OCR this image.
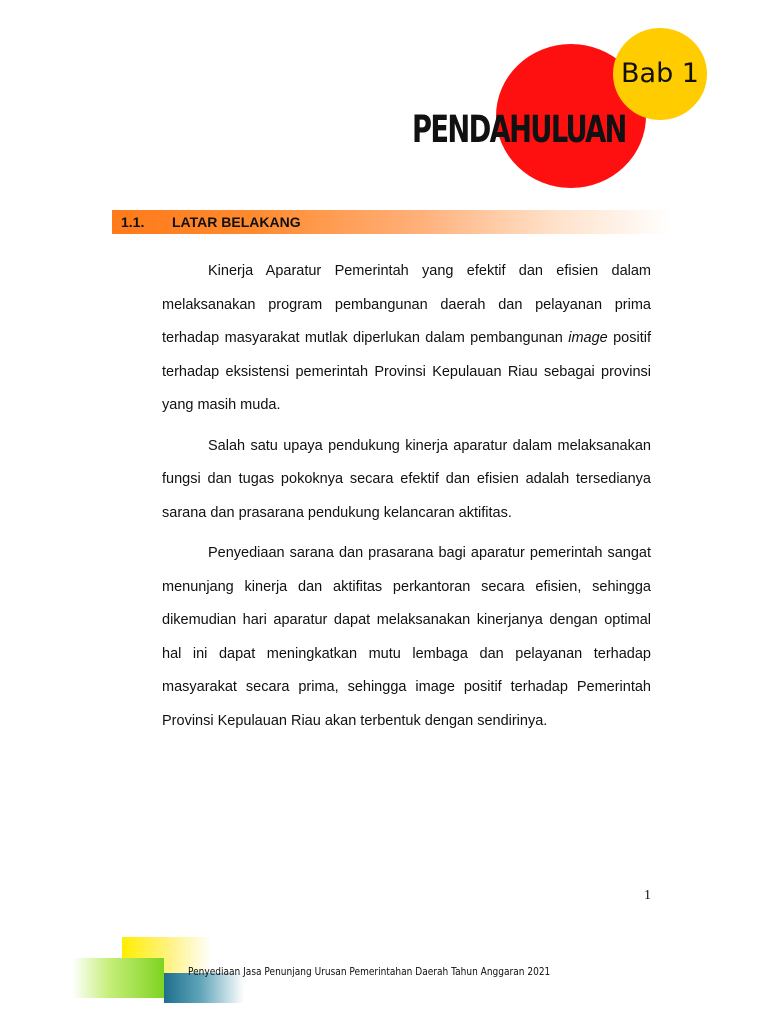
Bab 1
PENDAHULUAN
1.1. LATAR BELAKANG

Kinerja Aparatur Pemerintah yang efektif dan efisien dalam melaksanakan program pembangunan daerah dan pelayanan prima terhadap masyarakat mutlak diperlukan dalam pembangunan image positif terhadap eksistensi pemerintah Provinsi Kepulauan Riau sebagai provinsi yang masih muda.

Salah satu upaya pendukung kinerja aparatur dalam melaksanakan fungsi dan tugas pokoknya secara efektif dan efisien adalah tersedianya sarana dan prasarana pendukung kelancaran aktifitas.

Penyediaan sarana dan prasarana bagi aparatur pemerintah sangat menunjang kinerja dan aktifitas perkantoran secara efisien, sehingga dikemudian hari aparatur dapat melaksanakan kinerjanya dengan optimal hal ini dapat meningkatkan mutu lembaga dan pelayanan terhadap masyarakat secara prima, sehingga image positif terhadap Pemerintah Provinsi Kepulauan Riau akan terbentuk dengan sendirinya.

1
Penyediaan Jasa Penunjang Urusan Pemerintahan Daerah Tahun Anggaran 2021
